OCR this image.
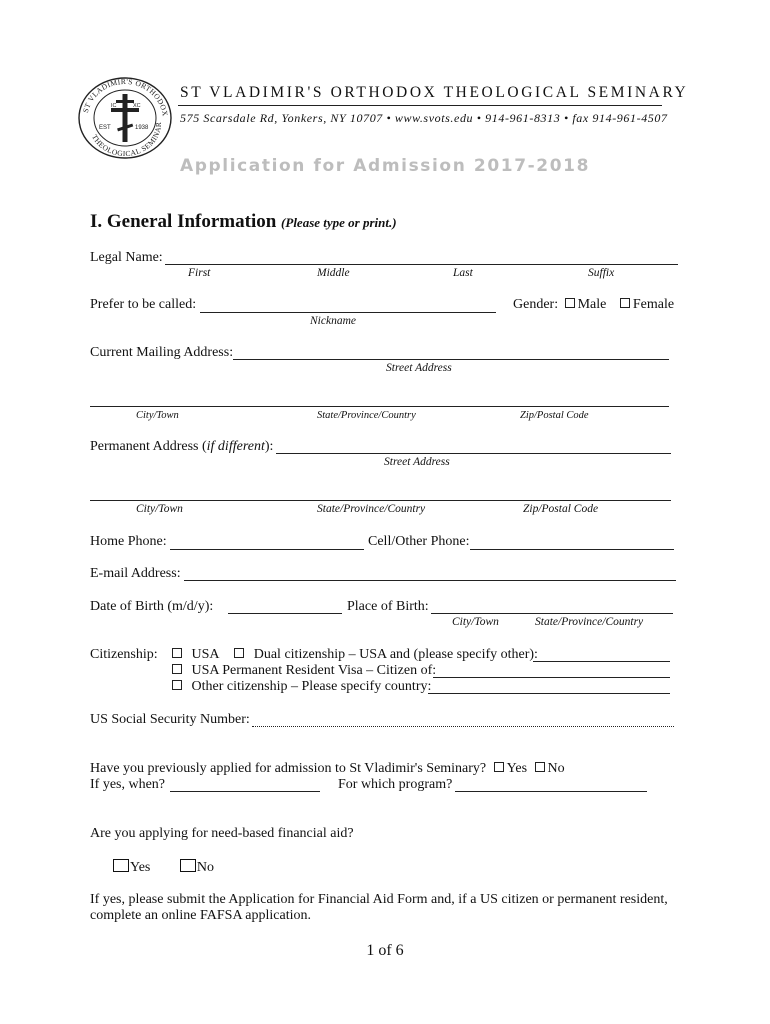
ST VLADIMIR'S ORTHODOX
THEOLOGICAL SEMINAR
IC	XC
EST	1938
ST VLADIMIR'S ORTHODOX THEOLOGICAL SEMINARY
575 Scarsdale Rd, Yonkers, NY 10707 • www.svots.edu • 914-961-8313 • fax 914-961-4507
Application for Admission 2017-2018
I. General Information (Please type or print.)
Legal Name:
First	Middle	Last	Suffix
Prefer to be called:
Nickname
Gender: Male Female
Current Mailing Address:
Street Address
City/Town	State/Province/Country	Zip/Postal Code
Permanent Address (if different):
Street Address
City/Town	State/Province/Country	Zip/Postal Code
Home Phone:	Cell/Other Phone:
E-mail Address:
Date of Birth (m/d/y):	Place of Birth:
City/Town	State/Province/Country
Citizenship:	USA	Dual citizenship – USA and (please specify other):
USA Permanent Resident Visa – Citizen of:
Other citizenship – Please specify country:
US Social Security Number:
Have you previously applied for admission to St Vladimir's Seminary? Yes No
If yes, when?	For which program?
Are you applying for need-based financial aid?
Yes	No
If yes, please submit the Application for Financial Aid Form and, if a US citizen or permanent resident,
complete an online FAFSA application.
1 of 6
